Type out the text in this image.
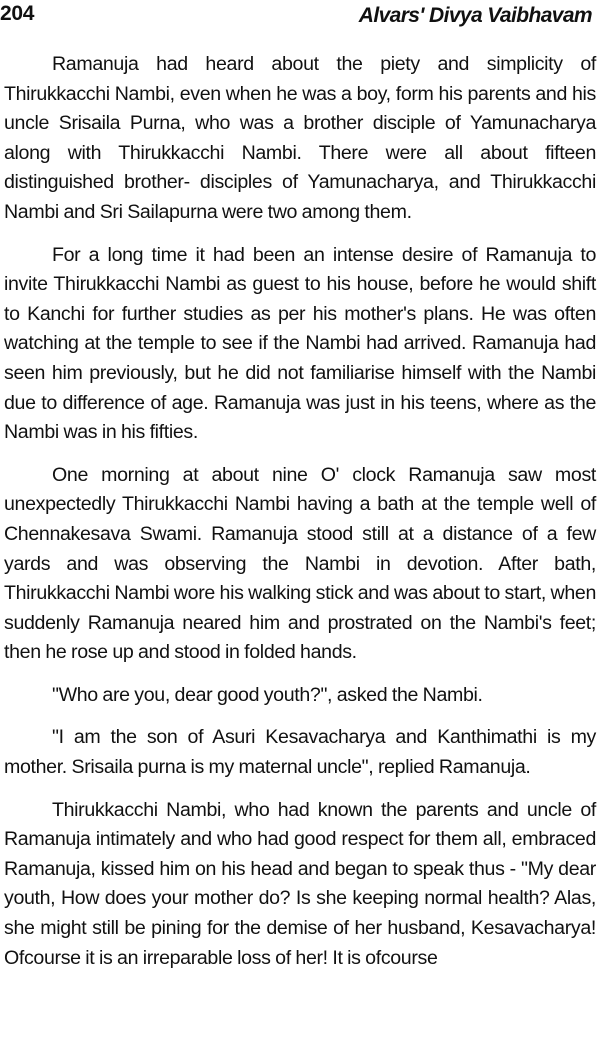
204	Alvars' Divya Vaibhavam

Ramanuja had heard about the piety and simplicity of Thirukkacchi Nambi, even when he was a boy, form his parents and his uncle Srisaila Purna, who was a brother disciple of Yamunacharya along with Thirukkacchi Nambi. There were all about fifteen distinguished brother- disciples of Yamunacharya, and Thirukkacchi Nambi and Sri Sailapurna were two among them.

For a long time it had been an intense desire of Ramanuja to invite Thirukkacchi Nambi as guest to his house, before he would shift to Kanchi for further studies as per his mother's plans. He was often watching at the temple to see if the Nambi had arrived. Ramanuja had seen him previously, but he did not familiarise himself with the Nambi due to difference of age. Ramanuja was just in his teens, where as the Nambi was in his fifties.

One morning at about nine O' clock Ramanuja saw most unexpectedly Thirukkacchi Nambi having a bath at the temple well of Chennakesava Swami. Ramanuja stood still at a distance of a few yards and was observing the Nambi in devotion. After bath, Thirukkacchi Nambi wore his walking stick and was about to start, when suddenly Ramanuja neared him and prostrated on the Nambi's feet; then he rose up and stood in folded hands.

"Who are you, dear good youth?", asked the Nambi.

"I am the son of Asuri Kesavacharya and Kanthimathi is my mother. Srisaila purna is my maternal uncle", replied Ramanuja.

Thirukkacchi Nambi, who had known the parents and uncle of Ramanuja intimately and who had good respect for them all, embraced Ramanuja, kissed him on his head and began to speak thus - "My dear youth, How does your mother do? Is she keeping normal health? Alas, she might still be pining for the demise of her husband, Kesavacharya! Ofcourse it is an irreparable loss of her! It is ofcourse
